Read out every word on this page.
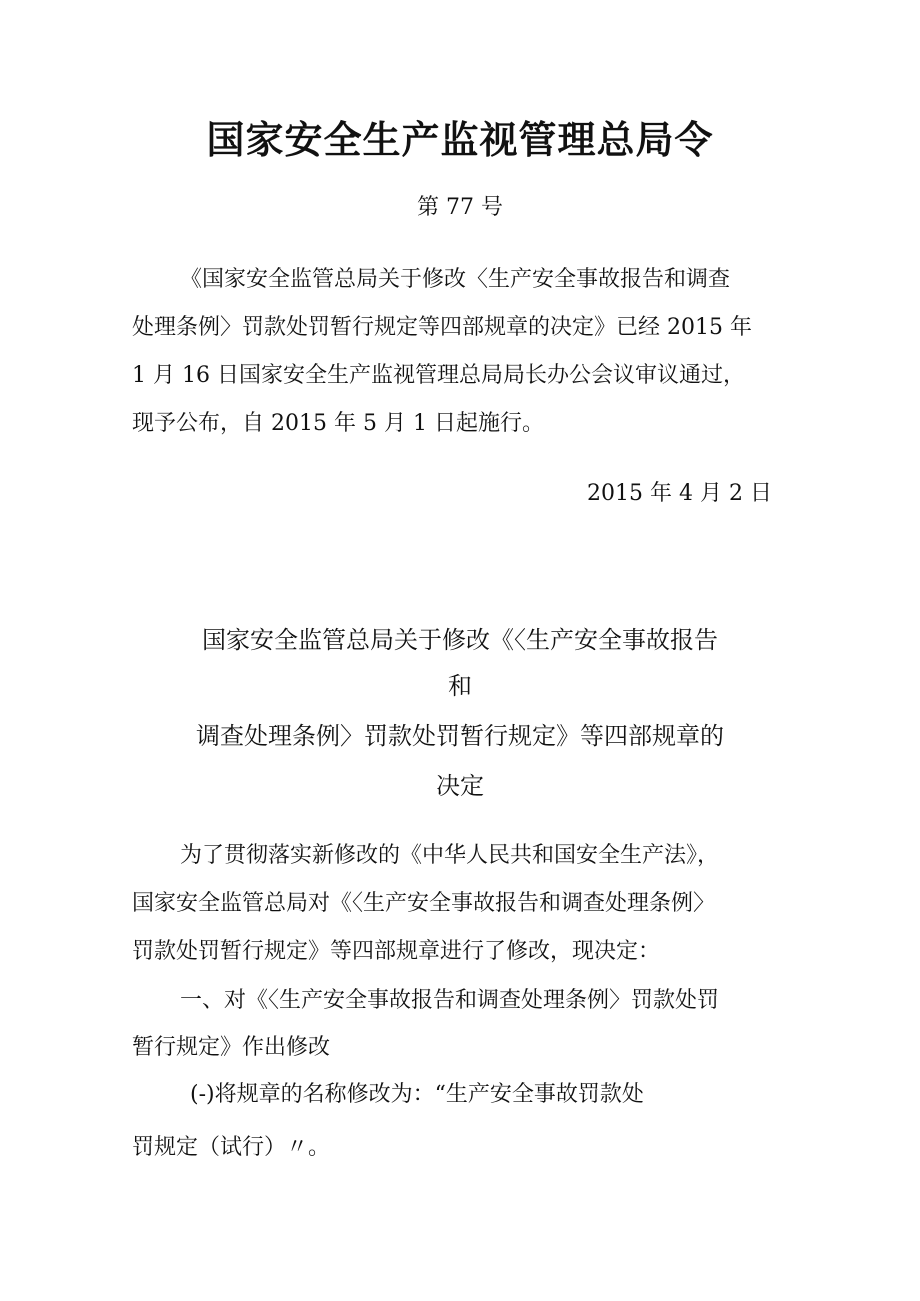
国家安全生产监视管理总局令
第 77 号

《国家安全监管总局关于修改〈生产安全事故报告和调查

处理条例〉罚款处罚暂行规定等四部规章的决定》已经 2015 年

1 月 16 日国家安全生产监视管理总局局长办公会议审议通过，

现予公布，自 2015 年 5 月 1 日起施行。

2015 年 4 月 2 日
国家安全监管总局关于修改《〈生产安全事故报告
和
调查处理条例〉罚款处罚暂行规定》等四部规章的
决定

为了贯彻落实新修改的《中华人民共和国安全生产法》，

国家安全监管总局对《〈生产安全事故报告和调查处理条例〉

罚款处罚暂行规定》等四部规章进行了修改，现决定：

一、对《〈生产安全事故报告和调查处理条例〉罚款处罚

暂行规定》作出修改

(-)将规章的名称修改为：“生产安全事故罚款处

罚规定（试行）〃。
